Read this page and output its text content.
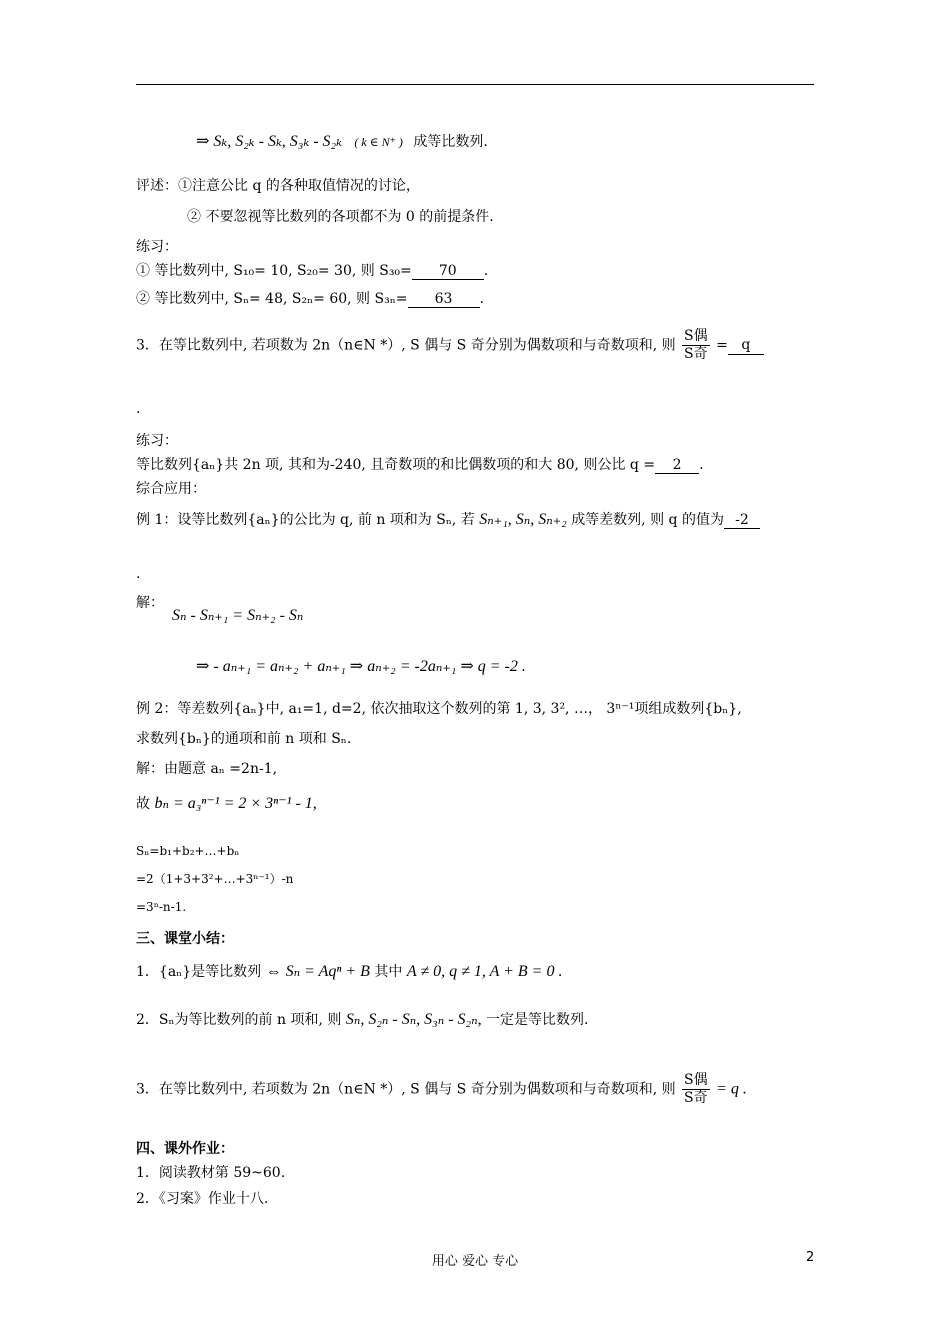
⇒ Sₖ, S₂ₖ - Sₖ, S₃ₖ - S₂ₖ ( k ∈ N⁺ ) 成等比数列.
评述：①注意公比 q 的各种取值情况的讨论，
② 不要忽视等比数列的各项都不为 0 的前提条件.
练习：
① 等比数列中, S₁₀= 10, S₂₀= 30, 则 S₃₀= 70 .
② 等比数列中, Sₙ= 48, S₂ₙ= 60, 则 S₃ₙ= 63 .
3．在等比数列中, 若项数为 2n（n∈N *）, S 偶与 S 奇分别为偶数项和与奇数项和, 则 $\frac{\text{S偶}}{\text{S奇}} = q$
.
练习：
等比数列{aₙ}共 2n 项, 其和为-240, 且奇数项的和比偶数项的和大 80, 则公比 q = 2 .
综合应用：
例 1：设等比数列{aₙ}的公比为 q, 前 n 项和为 Sₙ, 若 Sₙ₊₁, Sₙ, Sₙ₊₂ 成等差数列, 则 q 的值为 -2
.
解：
Sₙ - Sₙ₊₁ = Sₙ₊₂ - Sₙ
⇒ - aₙ₊₁ = aₙ₊₂ + aₙ₊₁ ⇒ aₙ₊₂ = -2aₙ₊₁ ⇒ q = -2 .
例 2：等差数列{aₙ}中, a₁=1, d=2, 依次抽取这个数列的第 1, 3, 3², …， 3ⁿ⁻¹项组成数列{bₙ},
求数列{bₙ}的通项和前 n 项和 Sₙ.
解：由题意 aₙ =2n-1,
故 bₙ = a₃ⁿ⁻¹ = 2 × 3ⁿ⁻¹ - 1,
Sₙ=b₁+b₂+…+bₙ
=2（1+3+3²+…+3ⁿ⁻¹）-n
=3ⁿ-n-1.
三、课堂小结：
1．{aₙ}是等比数列 ⇔ Sₙ = Aqⁿ + B 其中 A ≠ 0, q ≠ 1, A + B = 0 .
2．Sₙ为等比数列的前 n 项和, 则 Sₙ, S₂ₙ - Sₙ, S₃ₙ - S₂ₙ, 一定是等比数列.
3．在等比数列中, 若项数为 2n（n∈N *）, S 偶与 S 奇分别为偶数项和与奇数项和, 则 $\frac{\text{S偶}}{\text{S奇}} = q$ .
四、课外作业：
1．阅读教材第 59~60.
2．《习案》作业十八.
用心 爱心 专心	2
